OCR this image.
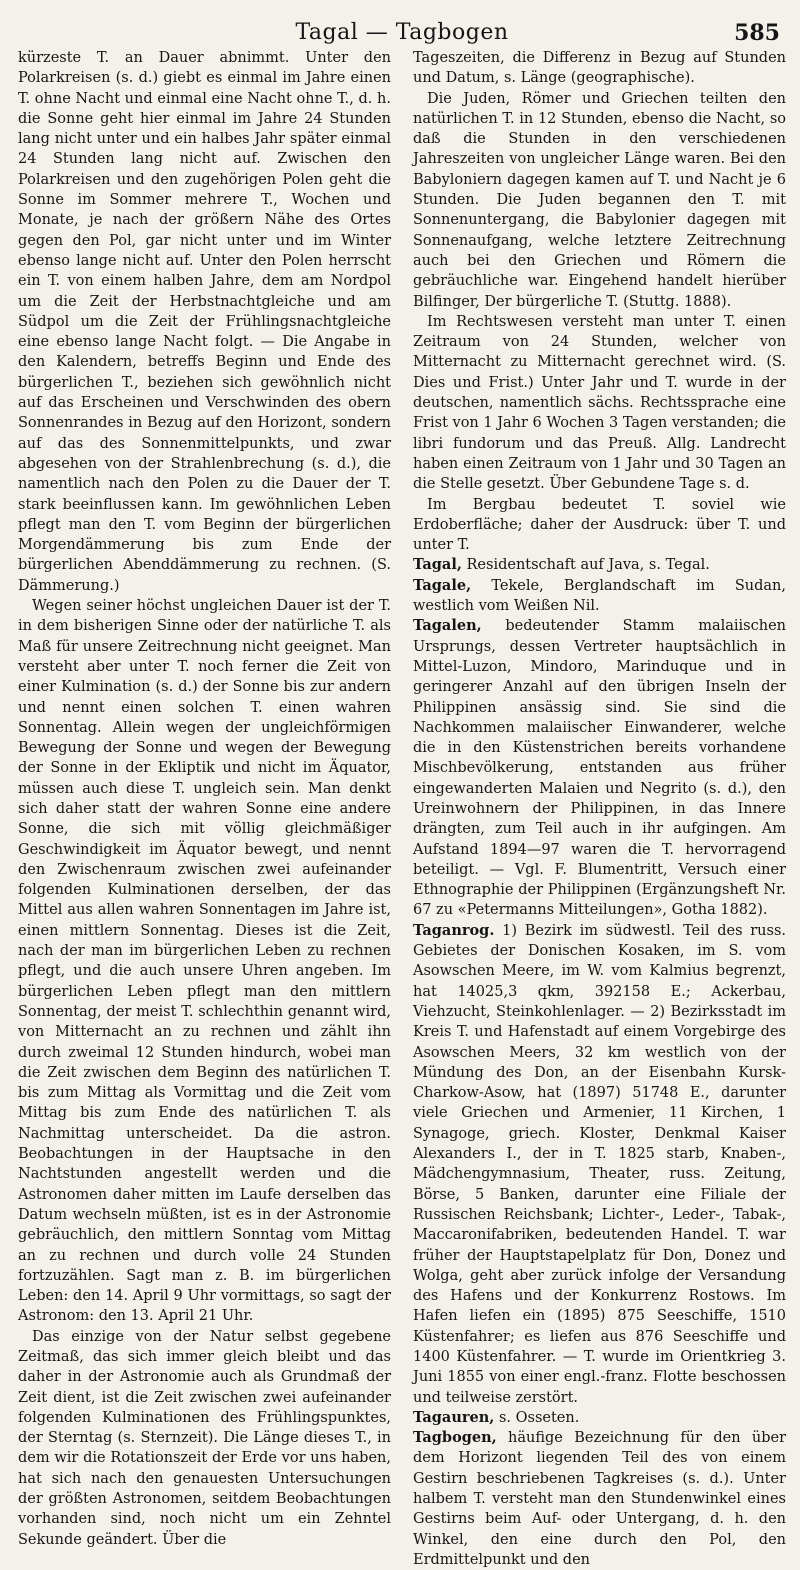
Tagal — Tagbogen	585

kürzeste T. an Dauer abnimmt. Unter den Polarkreisen (s. d.) giebt es einmal im Jahre einen T. ohne Nacht und einmal eine Nacht ohne T., d. h. die Sonne geht hier einmal im Jahre 24 Stunden lang nicht unter und ein halbes Jahr später einmal 24 Stunden lang nicht auf. Zwischen den Polarkreisen und den zugehörigen Polen geht die Sonne im Sommer mehrere T., Wochen und Monate, je nach der größern Nähe des Ortes gegen den Pol, gar nicht unter und im Winter ebenso lange nicht auf. Unter den Polen herrscht ein T. von einem halben Jahre, dem am Nordpol um die Zeit der Herbstnachtgleiche und am Südpol um die Zeit der Frühlingsnachtgleiche eine ebenso lange Nacht folgt. — Die Angabe in den Kalendern, betreffs Beginn und Ende des bürgerlichen T., beziehen sich gewöhnlich nicht auf das Erscheinen und Verschwinden des obern Sonnenrandes in Bezug auf den Horizont, sondern auf das des Sonnenmittelpunkts, und zwar abgesehen von der Strahlenbrechung (s. d.), die namentlich nach den Polen zu die Dauer der T. stark beeinflussen kann. Im gewöhnlichen Leben pflegt man den T. vom Beginn der bürgerlichen Morgendämmerung bis zum Ende der bürgerlichen Abenddämmerung zu rechnen. (S. Dämmerung.)

Wegen seiner höchst ungleichen Dauer ist der T. in dem bisherigen Sinne oder der natürliche T. als Maß für unsere Zeitrechnung nicht geeignet. Man versteht aber unter T. noch ferner die Zeit von einer Kulmination (s. d.) der Sonne bis zur andern und nennt einen solchen T. einen wahren Sonnentag. Allein wegen der ungleichförmigen Bewegung der Sonne und wegen der Bewegung der Sonne in der Ekliptik und nicht im Äquator, müssen auch diese T. ungleich sein. Man denkt sich daher statt der wahren Sonne eine andere Sonne, die sich mit völlig gleichmäßiger Geschwindigkeit im Äquator bewegt, und nennt den Zwischenraum zwischen zwei aufeinander folgenden Kulminationen derselben, der das Mittel aus allen wahren Sonnentagen im Jahre ist, einen mittlern Sonnentag. Dieses ist die Zeit, nach der man im bürgerlichen Leben zu rechnen pflegt, und die auch unsere Uhren angeben. Im bürgerlichen Leben pflegt man den mittlern Sonnentag, der meist T. schlechthin genannt wird, von Mitternacht an zu rechnen und zählt ihn durch zweimal 12 Stunden hindurch, wobei man die Zeit zwischen dem Beginn des natürlichen T. bis zum Mittag als Vormittag und die Zeit vom Mittag bis zum Ende des natürlichen T. als Nachmittag unterscheidet. Da die astron. Beobachtungen in der Hauptsache in den Nachtstunden angestellt werden und die Astronomen daher mitten im Laufe derselben das Datum wechseln müßten, ist es in der Astronomie gebräuchlich, den mittlern Sonntag vom Mittag an zu rechnen und durch volle 24 Stunden fortzuzählen. Sagt man z. B. im bürgerlichen Leben: den 14. April 9 Uhr vormittags, so sagt der Astronom: den 13. April 21 Uhr.

Das einzige von der Natur selbst gegebene Zeitmaß, das sich immer gleich bleibt und das daher in der Astronomie auch als Grundmaß der Zeit dient, ist die Zeit zwischen zwei aufeinander folgenden Kulminationen des Frühlingspunktes, der Sterntag (s. Sternzeit). Die Länge dieses T., in dem wir die Rotationszeit der Erde vor uns haben, hat sich nach den genauesten Untersuchungen der größten Astronomen, seitdem Beobachtungen vorhanden sind, noch nicht um ein Zehntel Sekunde geändert. Über die

Tageszeiten, die Differenz in Bezug auf Stunden und Datum, s. Länge (geographische).

Die Juden, Römer und Griechen teilten den natürlichen T. in 12 Stunden, ebenso die Nacht, so daß die Stunden in den verschiedenen Jahreszeiten von ungleicher Länge waren. Bei den Babyloniern dagegen kamen auf T. und Nacht je 6 Stunden. Die Juden begannen den T. mit Sonnenuntergang, die Babylonier dagegen mit Sonnenaufgang, welche letztere Zeitrechnung auch bei den Griechen und Römern die gebräuchliche war. Eingehend handelt hierüber Bilfinger, Der bürgerliche T. (Stuttg. 1888).

Im Rechtswesen versteht man unter T. einen Zeitraum von 24 Stunden, welcher von Mitternacht zu Mitternacht gerechnet wird. (S. Dies und Frist.) Unter Jahr und T. wurde in der deutschen, namentlich sächs. Rechtssprache eine Frist von 1 Jahr 6 Wochen 3 Tagen verstanden; die libri fundorum und das Preuß. Allg. Landrecht haben einen Zeitraum von 1 Jahr und 30 Tagen an die Stelle gesetzt. Über Gebundene Tage s. d.

Im Bergbau bedeutet T. soviel wie Erdoberfläche; daher der Ausdruck: über T. und unter T.

Tagal, Residentschaft auf Java, s. Tegal.

Tagale, Tekele, Berglandschaft im Sudan, westlich vom Weißen Nil.

Tagalen, bedeutender Stamm malaiischen Ursprungs, dessen Vertreter hauptsächlich in Mittel-Luzon, Mindoro, Marinduque und in geringerer Anzahl auf den übrigen Inseln der Philippinen ansässig sind. Sie sind die Nachkommen malaiischer Einwanderer, welche die in den Küstenstrichen bereits vorhandene Mischbevölkerung, entstanden aus früher eingewanderten Malaien und Negrito (s. d.), den Ureinwohnern der Philippinen, in das Innere drängten, zum Teil auch in ihr aufgingen. Am Aufstand 1894—97 waren die T. hervorragend beteiligt. — Vgl. F. Blumentritt, Versuch einer Ethnographie der Philippinen (Ergänzungsheft Nr. 67 zu «Petermanns Mitteilungen», Gotha 1882).

Taganrog. 1) Bezirk im südwestl. Teil des russ. Gebietes der Donischen Kosaken, im S. vom Asowschen Meere, im W. vom Kalmius begrenzt, hat 14025,3 qkm, 392158 E.; Ackerbau, Viehzucht, Steinkohlenlager. — 2) Bezirksstadt im Kreis T. und Hafenstadt auf einem Vorgebirge des Asowschen Meers, 32 km westlich von der Mündung des Don, an der Eisenbahn Kursk-Charkow-Asow, hat (1897) 51748 E., darunter viele Griechen und Armenier, 11 Kirchen, 1 Synagoge, griech. Kloster, Denkmal Kaiser Alexanders I., der in T. 1825 starb, Knaben-, Mädchengymnasium, Theater, russ. Zeitung, Börse, 5 Banken, darunter eine Filiale der Russischen Reichsbank; Lichter-, Leder-, Tabak-, Maccaronifabriken, bedeutenden Handel. T. war früher der Hauptstapelplatz für Don, Donez und Wolga, geht aber zurück infolge der Versandung des Hafens und der Konkurrenz Rostows. Im Hafen liefen ein (1895) 875 Seeschiffe, 1510 Küstenfahrer; es liefen aus 876 Seeschiffe und 1400 Küstenfahrer. — T. wurde im Orientkrieg 3. Juni 1855 von einer engl.-franz. Flotte beschossen und teilweise zerstört.

Tagauren, s. Osseten.

Tagbogen, häufige Bezeichnung für den über dem Horizont liegenden Teil des von einem Gestirn beschriebenen Tagkreises (s. d.). Unter halbem T. versteht man den Stundenwinkel eines Gestirns beim Auf- oder Untergang, d. h. den Winkel, den eine durch den Pol, den Erdmittelpunkt und den
